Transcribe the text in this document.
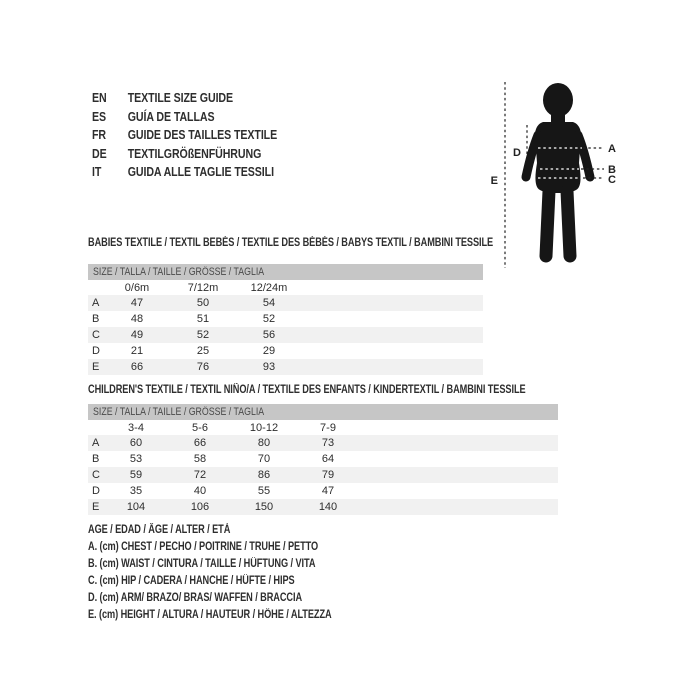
EN	TEXTILE SIZE GUIDE
ES	GUÍA DE TALLAS
FR	GUIDE DES TAILLES TEXTILE
DE	TEXTILGRÖßENFÜHRUNG
IT	GUIDA ALLE TAGLIE TESSILI
A
B
C
D
E
BABIES TEXTILE / TEXTIL BEBÉS / TEXTILE DES BÉBÉS / BABYS TEXTIL / BAMBINI TESSILE
SIZE / TALLA / TAILLE / GRÖSSE / TAGLIA
0/6m	7/12m	12/24m
A	47	50	54
B	48	51	52
C	49	52	56
D	21	25	29
E	66	76	93
CHILDREN'S TEXTILE / TEXTIL NIÑO/A / TEXTILE DES ENFANTS / KINDERTEXTIL / BAMBINI TESSILE
SIZE / TALLA / TAILLE / GRÖSSE / TAGLIA
3-4	5-6	10-12	7-9
A	60	66	80	73
B	53	58	70	64
C	59	72	86	79
D	35	40	55	47
E	104	106	150	140
AGE / EDAD / ÂGE / ALTER / ETÀ
A. (cm) CHEST / PECHO / POITRINE / TRUHE / PETTO
B. (cm) WAIST / CINTURA / TAILLE / HÜFTUNG / VITA
C. (cm) HIP / CADERA / HANCHE / HÜFTE / HIPS
D. (cm) ARM/ BRAZO/ BRAS/ WAFFEN / BRACCIA
E. (cm) HEIGHT / ALTURA / HAUTEUR / HÖHE / ALTEZZA
